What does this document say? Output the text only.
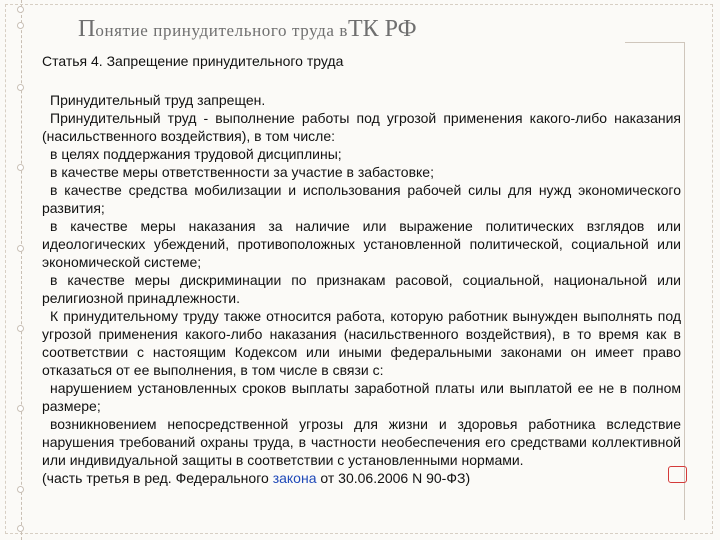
Понятие принудительного труда вТК РФ

Статья 4. Запрещение принудительного труда

Принудительный труд запрещен.

Принудительный труд - выполнение работы под угрозой применения какого-либо наказания (насильственного воздействия), в том числе:

в целях поддержания трудовой дисциплины;

в качестве меры ответственности за участие в забастовке;

в качестве средства мобилизации и использования рабочей силы для нужд экономического развития;

в качестве меры наказания за наличие или выражение политических взглядов или идеологических убеждений, противоположных установленной политической, социальной или экономической системе;

в качестве меры дискриминации по признакам расовой, социальной, национальной или религиозной принадлежности.

К принудительному труду также относится работа, которую работник вынужден выполнять под угрозой применения какого-либо наказания (насильственного воздействия), в то время как в соответствии с настоящим Кодексом или иными федеральными законами он имеет право отказаться от ее выполнения, в том числе в связи с:

нарушением установленных сроков выплаты заработной платы или выплатой ее не в полном размере;

возникновением непосредственной угрозы для жизни и здоровья работника вследствие нарушения требований охраны труда, в частности необеспечения его средствами коллективной или индивидуальной защиты в соответствии с установленными нормами.

(часть третья в ред. Федерального закона от 30.06.2006 N 90-ФЗ)
